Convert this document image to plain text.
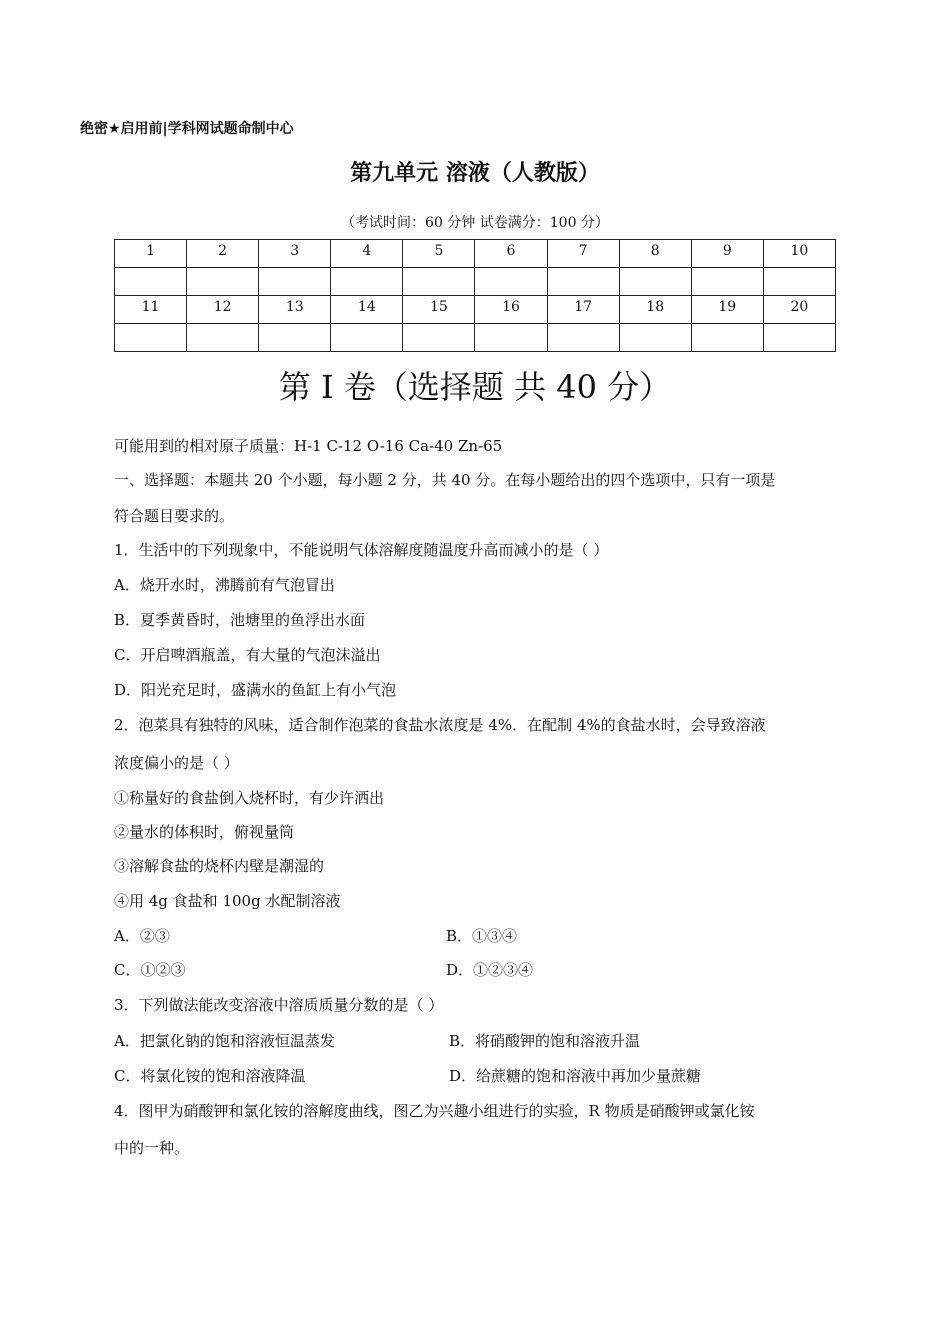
绝密★启用前|学科网试题命制中心
第九单元 溶液（人教版）
（考试时间：60 分钟 试卷满分：100 分）
1	2	3	4	5	6	7	8	9	10

11	12	13	14	15	16	17	18	19	20

第 I 卷（选择题 共 40 分）
可能用到的相对原子质量：H-1 C-12 O-16 Ca-40 Zn-65
一、选择题：本题共 20 个小题，每小题 2 分，共 40 分。在每小题给出的四个选项中，只有一项是
符合题目要求的。
1．生活中的下列现象中，不能说明气体溶解度随温度升高而减小的是（ ）
A．烧开水时，沸腾前有气泡冒出
B．夏季黄昏时，池塘里的鱼浮出水面
C．开启啤酒瓶盖，有大量的气泡沫溢出
D．阳光充足时，盛满水的鱼缸上有小气泡
2．泡菜具有独特的风味，适合制作泡菜的食盐水浓度是 4%．在配制 4%的食盐水时，会导致溶液
浓度偏小的是（ ）
①称量好的食盐倒入烧杯时，有少许洒出
②量水的体积时，俯视量筒
③溶解食盐的烧杯内壁是潮湿的
④用 4g 食盐和 100g 水配制溶液
A．②③	B．①③④
C．①②③	D．①②③④
3．下列做法能改变溶液中溶质质量分数的是（ ）
A．把氯化钠的饱和溶液恒温蒸发	B．将硝酸钾的饱和溶液升温
C．将氯化铵的饱和溶液降温	D．给蔗糖的饱和溶液中再加少量蔗糖
4．图甲为硝酸钾和氯化铵的溶解度曲线，图乙为兴趣小组进行的实验，R 物质是硝酸钾或氯化铵
中的一种。
